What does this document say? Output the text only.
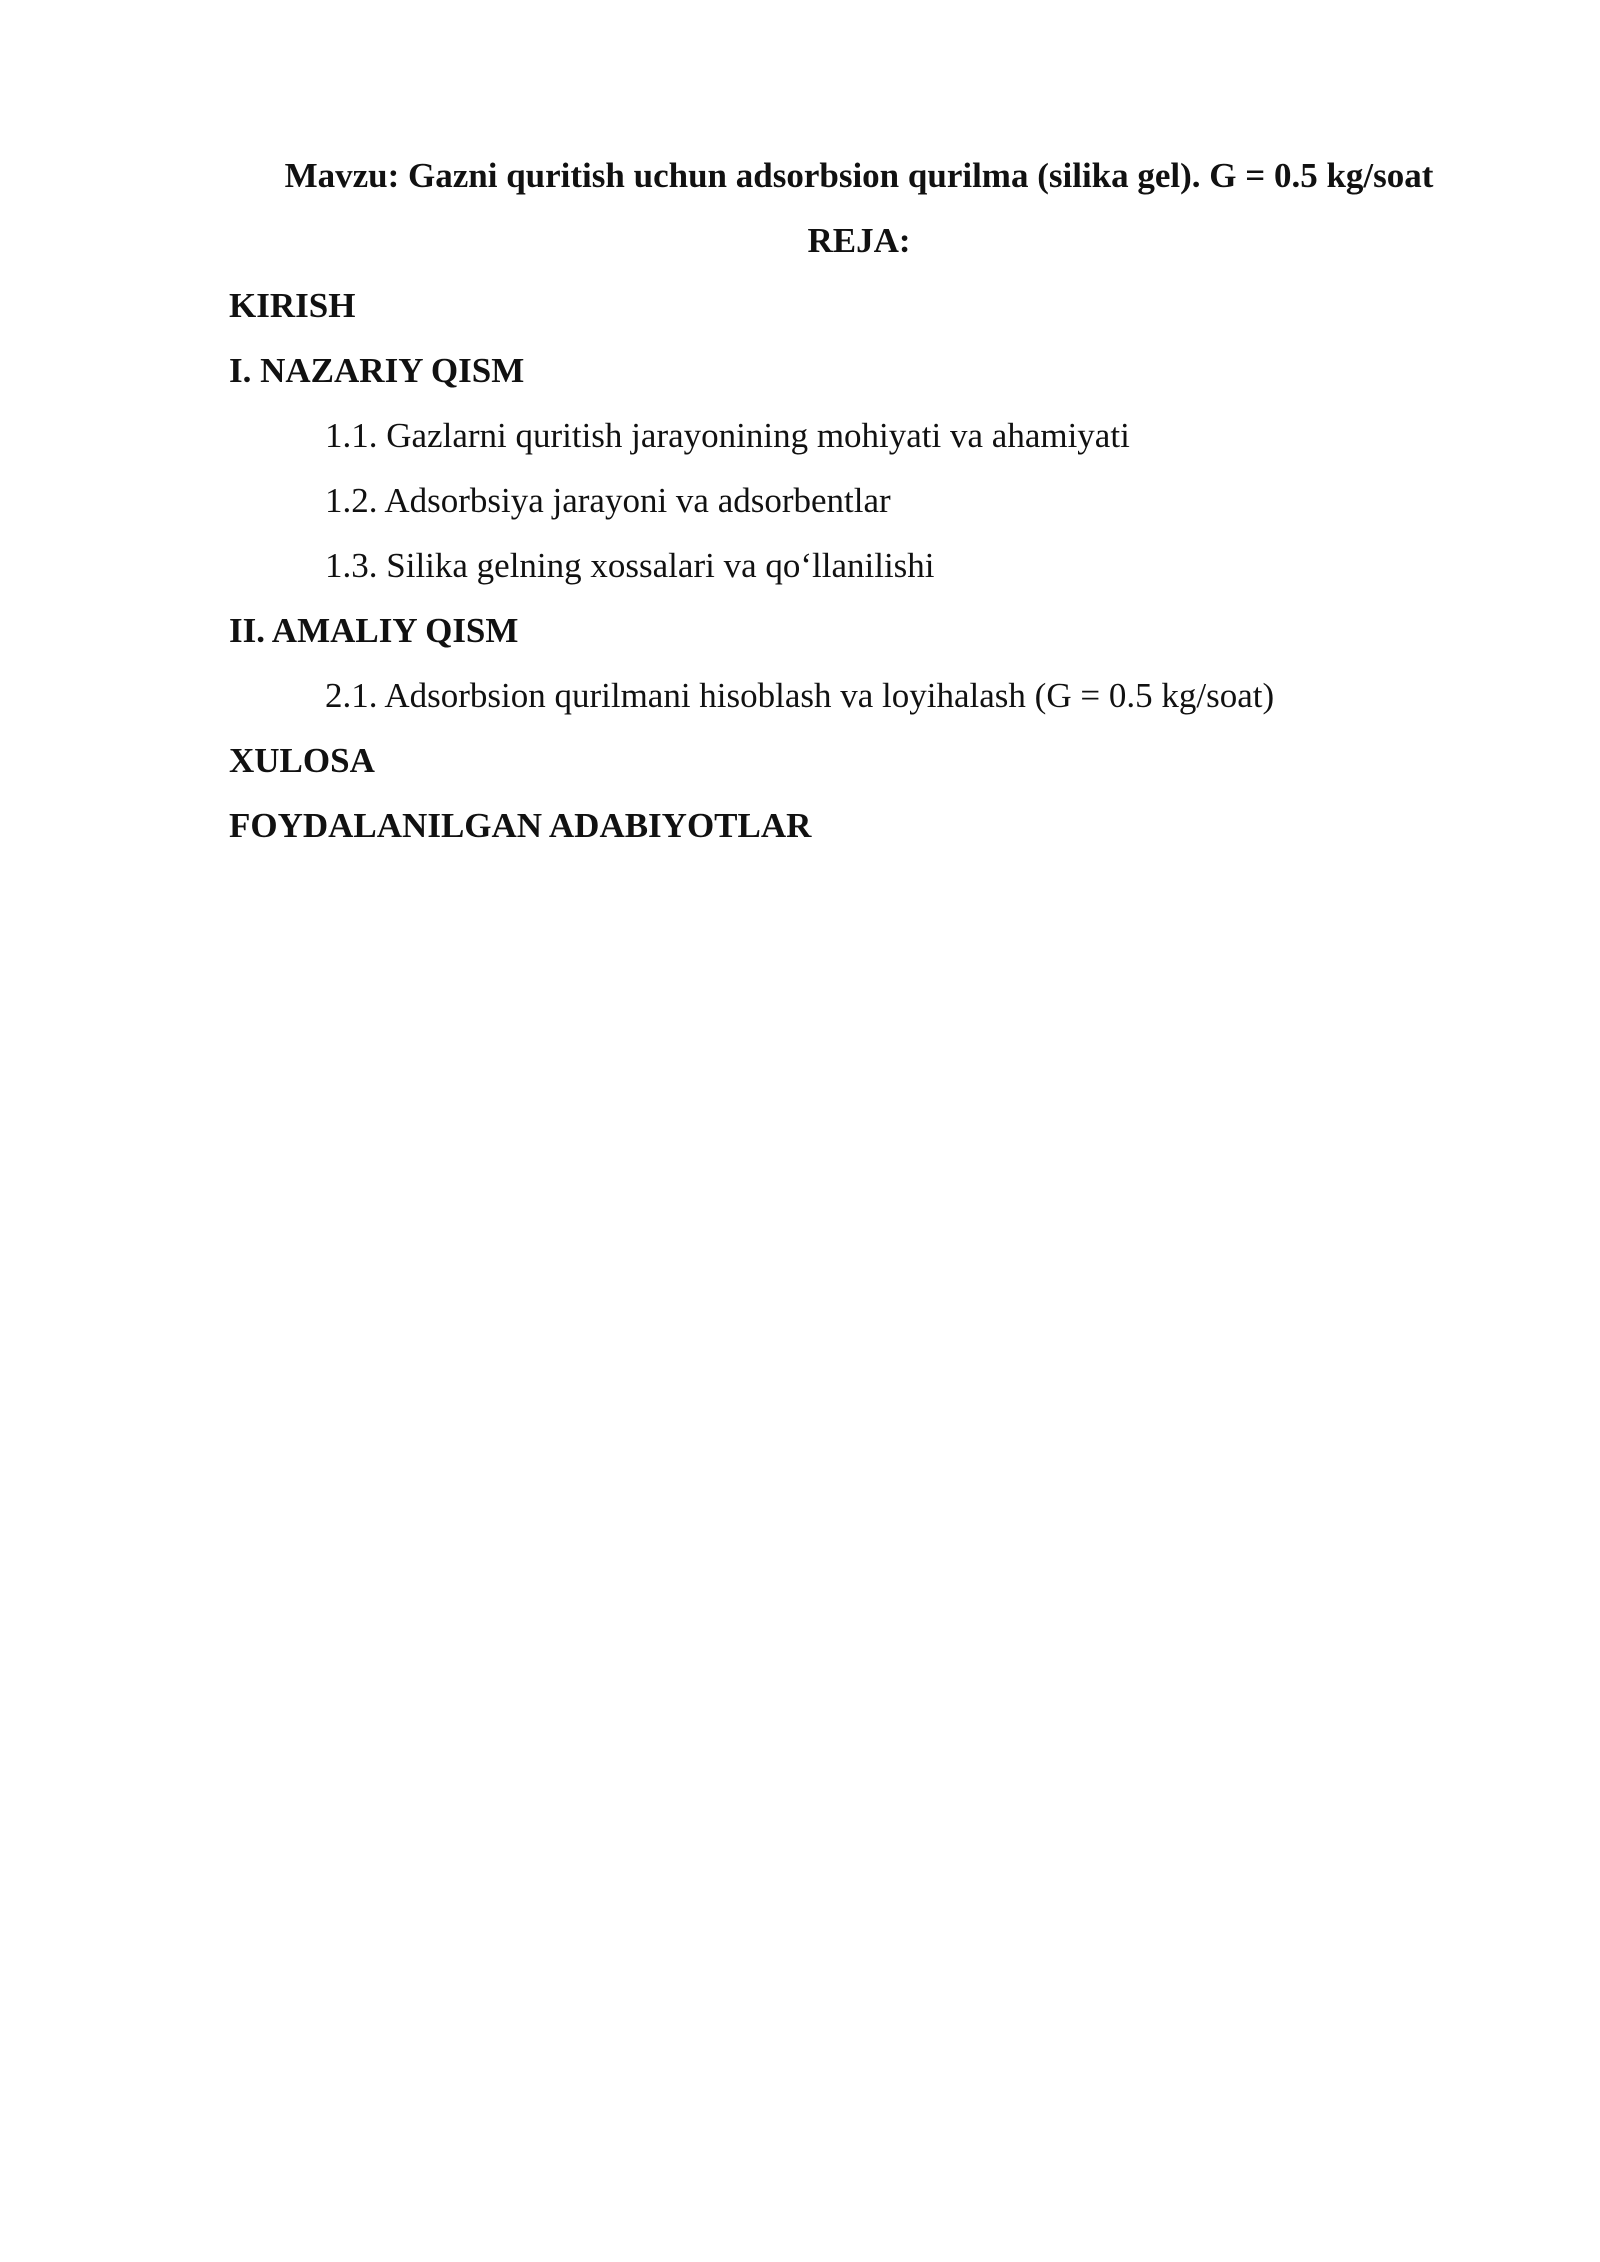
Mavzu: Gazni quritish uchun adsorbsion qurilma (silika gel). G = 0.5 kg/soat
REJA:
KIRISH
I. NAZARIY QISM
1.1. Gazlarni quritish jarayonining mohiyati va ahamiyati
1.2. Adsorbsiya jarayoni va adsorbentlar
1.3. Silika gelning xossalari va qo‘llanilishi
II. AMALIY QISM
2.1. Adsorbsion qurilmani hisoblash va loyihalash (G = 0.5 kg/soat)
XULOSA
FOYDALANILGAN ADABIYOTLAR
